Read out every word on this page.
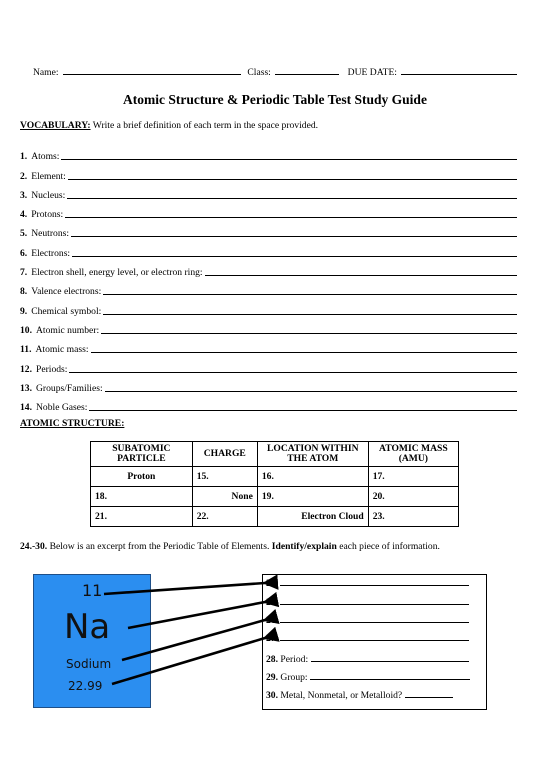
Name:	Class:	DUE DATE:
Atomic Structure & Periodic Table Test Study Guide
VOCABULARY: Write a brief definition of each term in the space provided.
1. Atoms:
2. Element:
3. Nucleus:
4. Protons:
5. Neutrons:
6. Electrons:
7. Electron shell, energy level, or electron ring:
8. Valence electrons:
9. Chemical symbol:
10. Atomic number:
11. Atomic mass:
12. Periods:
13. Groups/Families:
14. Noble Gases:
ATOMIC STRUCTURE:
SUBATOMIC PARTICLE	CHARGE	LOCATION WITHIN THE ATOM	ATOMIC MASS (AMU)
Proton	15.	16.	17.
18.	None	19.	20.
21.	22.	Electron Cloud	23.
24.-30. Below is an excerpt from the Periodic Table of Elements. Identify/explain each piece of information.
11
Na
Sodium
22.99
24.
25.
26.
27.
28. Period:
29. Group:
30. Metal, Nonmetal, or Metalloid?
